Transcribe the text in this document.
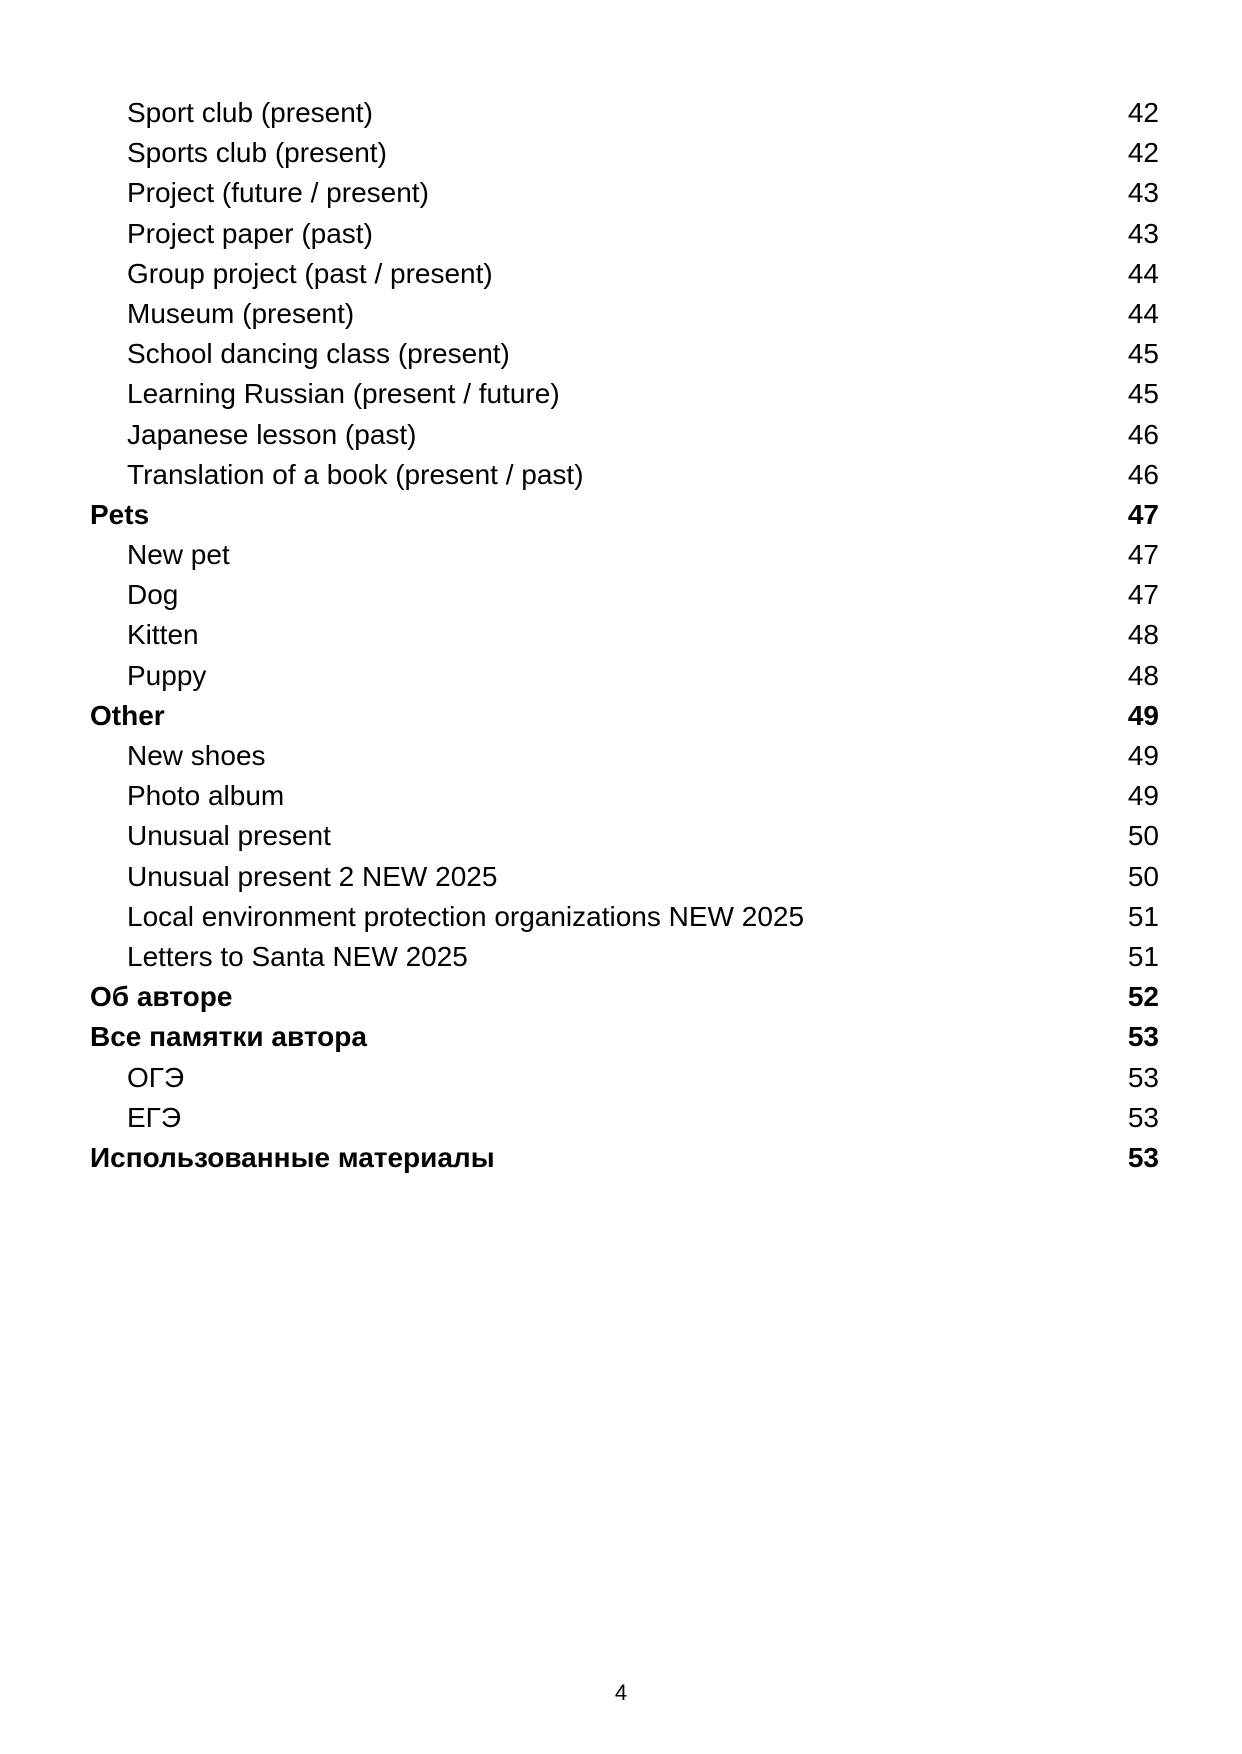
Sport club (present)	42
Sports club (present)	42
Project (future / present)	43
Project paper (past)	43
Group project (past / present)	44
Museum (present)	44
School dancing class (present)	45
Learning Russian (present / future)	45
Japanese lesson (past)	46
Translation of a book (present / past)	46
Pets	47
New pet	47
Dog	47
Kitten	48
Puppy	48
Other	49
New shoes	49
Photo album	49
Unusual present	50
Unusual present 2 NEW 2025	50
Local environment protection organizations NEW 2025	51
Letters to Santa NEW 2025	51
Об авторе	52
Все памятки автора	53
ОГЭ	53
ЕГЭ	53
Использованные материалы	53
4
